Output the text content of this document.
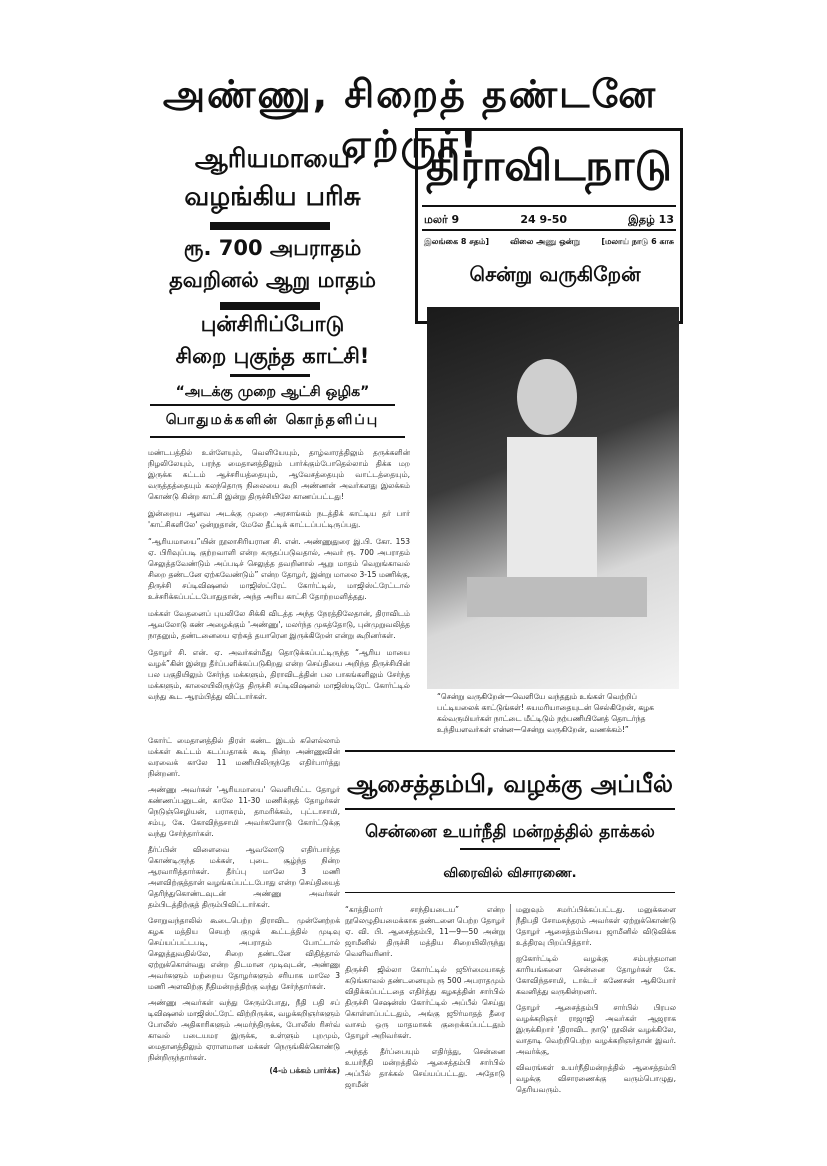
அண்ணு, சிறைத் தண்டனே ஏற்ருர்!
ஆரியமாயை
வழங்கிய பரிசு
ரூ. 700 அபராதம்
தவறினல் ஆறு மாதம்
புன்சிரிப்போடு
சிறை புகுந்த காட்சி!
“அடக்கு முறை ஆட்சி ஒழிக”
பொதுமக்களின் கொந்தளிப்பு

மண்டபத்தில் உள்ளேயும், வெளியேயும், தாழ்வாரத்திலும் தருக்களின் நிழலிலேயும், பரந்த மைதானத்திலும் பார்க்கும்போதெல்லாம் திக்க மற இருக்க கட்டம் ஆச்சரியத்தையும், ஆவேசத்தையும் வாட்டத்தையும், வருத்தத்தையும் கலந்தொரு நிலையை கூறி அண்ணன் அவர்களது இலக்கம் கொண்டு கின்ற காட்சி இன்று திருச்சியிலே காணப்பட்டது!

இன்றைய ஆளவ அடக்கு முறை அரசாங்கம் நடத்திக் காட்டிய தர் பார் 'காட்சிகளிலே' ஒன்றுதான், மேலே தீட்டிக் காட்டப்பட்டிருப்பது.

“ஆரியமாயை”யின் நூலாசிரியரான சி. என். அண்ணுதுரை இ.பி. கோ. 153 ஏ. பிரிவுப்படி குற்றவாளி என்ற கருதப்படுவதால், அவர் ரூ. 700 அபராதம் செலுத்தவேண்டும் அப்படிச் செலுத்த தவறினால் ஆறு மாதம் வெறுங்காவல் சிறை தண்டனே ஏற்கவேண்டும்” என்ற தோழர், இன்று மாலை 3-15 மணிக்கு, திருச்சி சப்டிவிஷனல் மாஜிஸ்ட்ரேட் கோர்ட்டில், மாஜிஸ்ட்ரேட்டால் உச்சரிக்கப்பட்டபோதுதான், அந்த அரிய காட்சி தோற்றமளித்தது.

மக்கள் வேதனைப் புயலிலே சிக்கி விடத்த அந்த நேரத்திலேதான், திராவிடம் ஆவலோடு கண் அழைக்கும் 'அண்ணு', மலர்ந்த முகத்தோடு, புன்முறுவலித்த நாதனும், தண்டனையை ஏற்கத் தயாரென இருக்கிறேன் என்று கூறினர்கள்.

தோழர் சி. என். ஏ. அவர்கள்மீது தொடுக்கப்பட்டிருந்த “ஆரிய மாயை வழக்”கின் இன்று தீர்ப்பளிக்கப்படுகிறது என்ற செய்தியை அறிந்த திருச்சியின் பல பகுதியிலும் சேர்ந்த மக்களும், திராவிடத்தின் பல பாகங்களிலும் சேர்ந்த மக்களும், காலையிலிருந்தே திருச்சி சப்டிவிஷனல் மாஜிஸ்டிரேட் கோர்ட்டில் வந்து கூட ஆரம்பித்து விட்டார்கள்.

கோர்ட் மைதானத்தில் திரள் கண்ட இடம் களெல்லாம் மக்கள் கூட்டம் கடப்பதாகக் கூடி நின்ற அண்ணுவின் வரவைக் காலே 11 மணியிலிருந்தே எதிர்பார்த்து நின்றனர்.

அண்ணு அவர்கள் 'ஆரியமாயை' வெளியிட்ட தோழர் கண்ணப்பனுடன், காலே 11-30 மணிக்குத் தோழர்கள் நெடுஞ்செழியன், பராசுரம், தாமரிக்கம், புட்டாசாமி, சம்பு, கே. கோவிந்தசாமி அவர்களோடு கோர்ட்டுக்கு வந்து சேர்ந்தார்கள்.

தீர்ப்பின் விளைவை ஆவலோடு எதிர்பார்த்த கொண்டிருந்த மக்கள், புடை சூழ்ந்த நின்ற ஆரவாரித்தார்கள். தீர்ப்பு மாலே 3 மணி அளவிற்குத்தான் வழங்கப்பட்டபோது என்ற செய்தியைத் தெரிந்துகொண்டவுடன் அண்ணு அவர்கள் தம்பிடத்திற்குத் திரும்பிவிட்டார்கள்.

சோறுவந்தாலில் கூடைபெற்ற திராவிட முன்னேற்றக் கழக மத்திய செயற் குழுக் கூட்டத்தில் முடிவு செய்யப்பட்டபடி, அபராதம் போட்டால் செலுத்துவதில்லே, சிறை தண்டனே விதித்தால் ஏற்றுக்கொள்வது என்ற திடமான முடிவுடன், அண்ணு அவர்களும் மற்றைய தோழர்களும் சரியாக மாலே 3 மணி அளவிற்கு நீதிமன்றத்திற்கு வந்து சேர்ந்தார்கள்.

அண்ணு அவர்கள் வந்து சேரும்போது, நீதி பதி சப் டிவிஷனல் மாஜிஸ்ட்ரேட் விற்றிருக்க, வழக்கறிஞர்களும் போலீஸ் அதிகாரிகளும் அமர்ந்திருக்க, போலீஸ் ரிசர்வ் காவல் படையமர இருக்க, உள்ளும் புறமும், மைதானத்திலும் ஏராளமான மக்கள் நெருங்கிக்கொண்டு நின்றிருந்தார்கள்.

(4-ம் பக்கம் பார்க்க)
திராவிடநாடு
மலர் 9	24 9-50	இதழ் 13
இலங்கை 8 சதம்]	விலை அணு ஒன்று	[மலாய் நாடு 6 காசு
சென்று வருகிறேன்
“சென்று வருகிறேன்—வெளியே வந்ததும் உங்கள் வெற்றிப் பட்டியலைக் காட்டுங்கள்! சுயமரியாதையுடன் செல்கிறேன், கழக கல்வருமியர்கள் நாட்டை மீட்டிடும் நற்பணியினேத் தொடர்ந்த உந்தியளவர்கள் என்ன—சென்று வருகிறேன், வணக்கம்!”
ஆசைத்தம்பி, வழக்கு அப்பீல்
சென்னை உயர்நீதி மன்றத்தில் தாக்கல்
விரைவில் விசாரணை.

“காத்திமார் சாந்தியடைய” என்ற நூலெழுதியமைக்காக தண்டனை பெற்ற தோழர் ஏ. வி. பி. ஆசைத்தம்பி, 11—9—50 அன்று ஜாமீனில் திருச்சி மத்திய சிறையிலிருந்து வெளிவரினர்.

திருச்சி ஜில்லா கோர்ட்டில் ஜூர்மையாகத் கடுங்காவல் தண்டனையும் ரூ 500 அபராதமும் விதிக்கப்பட்டதை எதிர்த்து கழகத்தின் சார்பில் திருச்சி செஷன்ஸ் கோர்ட்டில் அப்பீல் செய்து கொள்ளப்பட்டதும், அங்கு ஜூர்மாதத் தீரை வாசம் ஒரு மாதமாகக் குறைக்கப்பட்டதும் தோழர் அறிவர்கள்.

அந்தத் தீர்ப்பையும் எதிர்த்து, சென்னை உயர்நீதி மன்றத்தில் ஆசைத்தம்பி சார்பில் அப்பீல் தாக்கல் செய்யப்பட்டது. அதோடு ஜாமீன்

மனுவும் சமர்ப்பிக்கப்பட்டது. மனுக்களை நீதிபதி சோமசுந்தரம் அவர்கள் ஏற்றுக்கொண்டு தோழர் ஆசைத்தம்பியை ஜாமீனில் விடுவிக்க உத்திரவு பிறப்பித்தார்.

ஐகோர்ட்டில் வழக்கு சம்பந்தமான காரியங்களை சென்னை தோழர்கள் கே. கோவிந்தசாமி, டாக்டர் கணேசன் ஆகியோர் கவனித்து வருகின்றனர்.

தோழர் ஆசைத்தம்பி சார்பில் பிரபல வழக்கறிஞர் ராஜாஜி அவர்கள் ஆஜராக இருக்கிறார் 'திராவிட நாடு' நூலின் வழக்கிலே, வாதாடி வெற்றிபெற்ற வழக்கறிஞர்தான் இவர். அவர்க்கு,

விவரங்கள் உயர்நீதிமன்றத்தில் ஆசைத்தம்பி வழக்கு விசாரணைக்கு வரும்பொழுது, தெரியவரும்.
